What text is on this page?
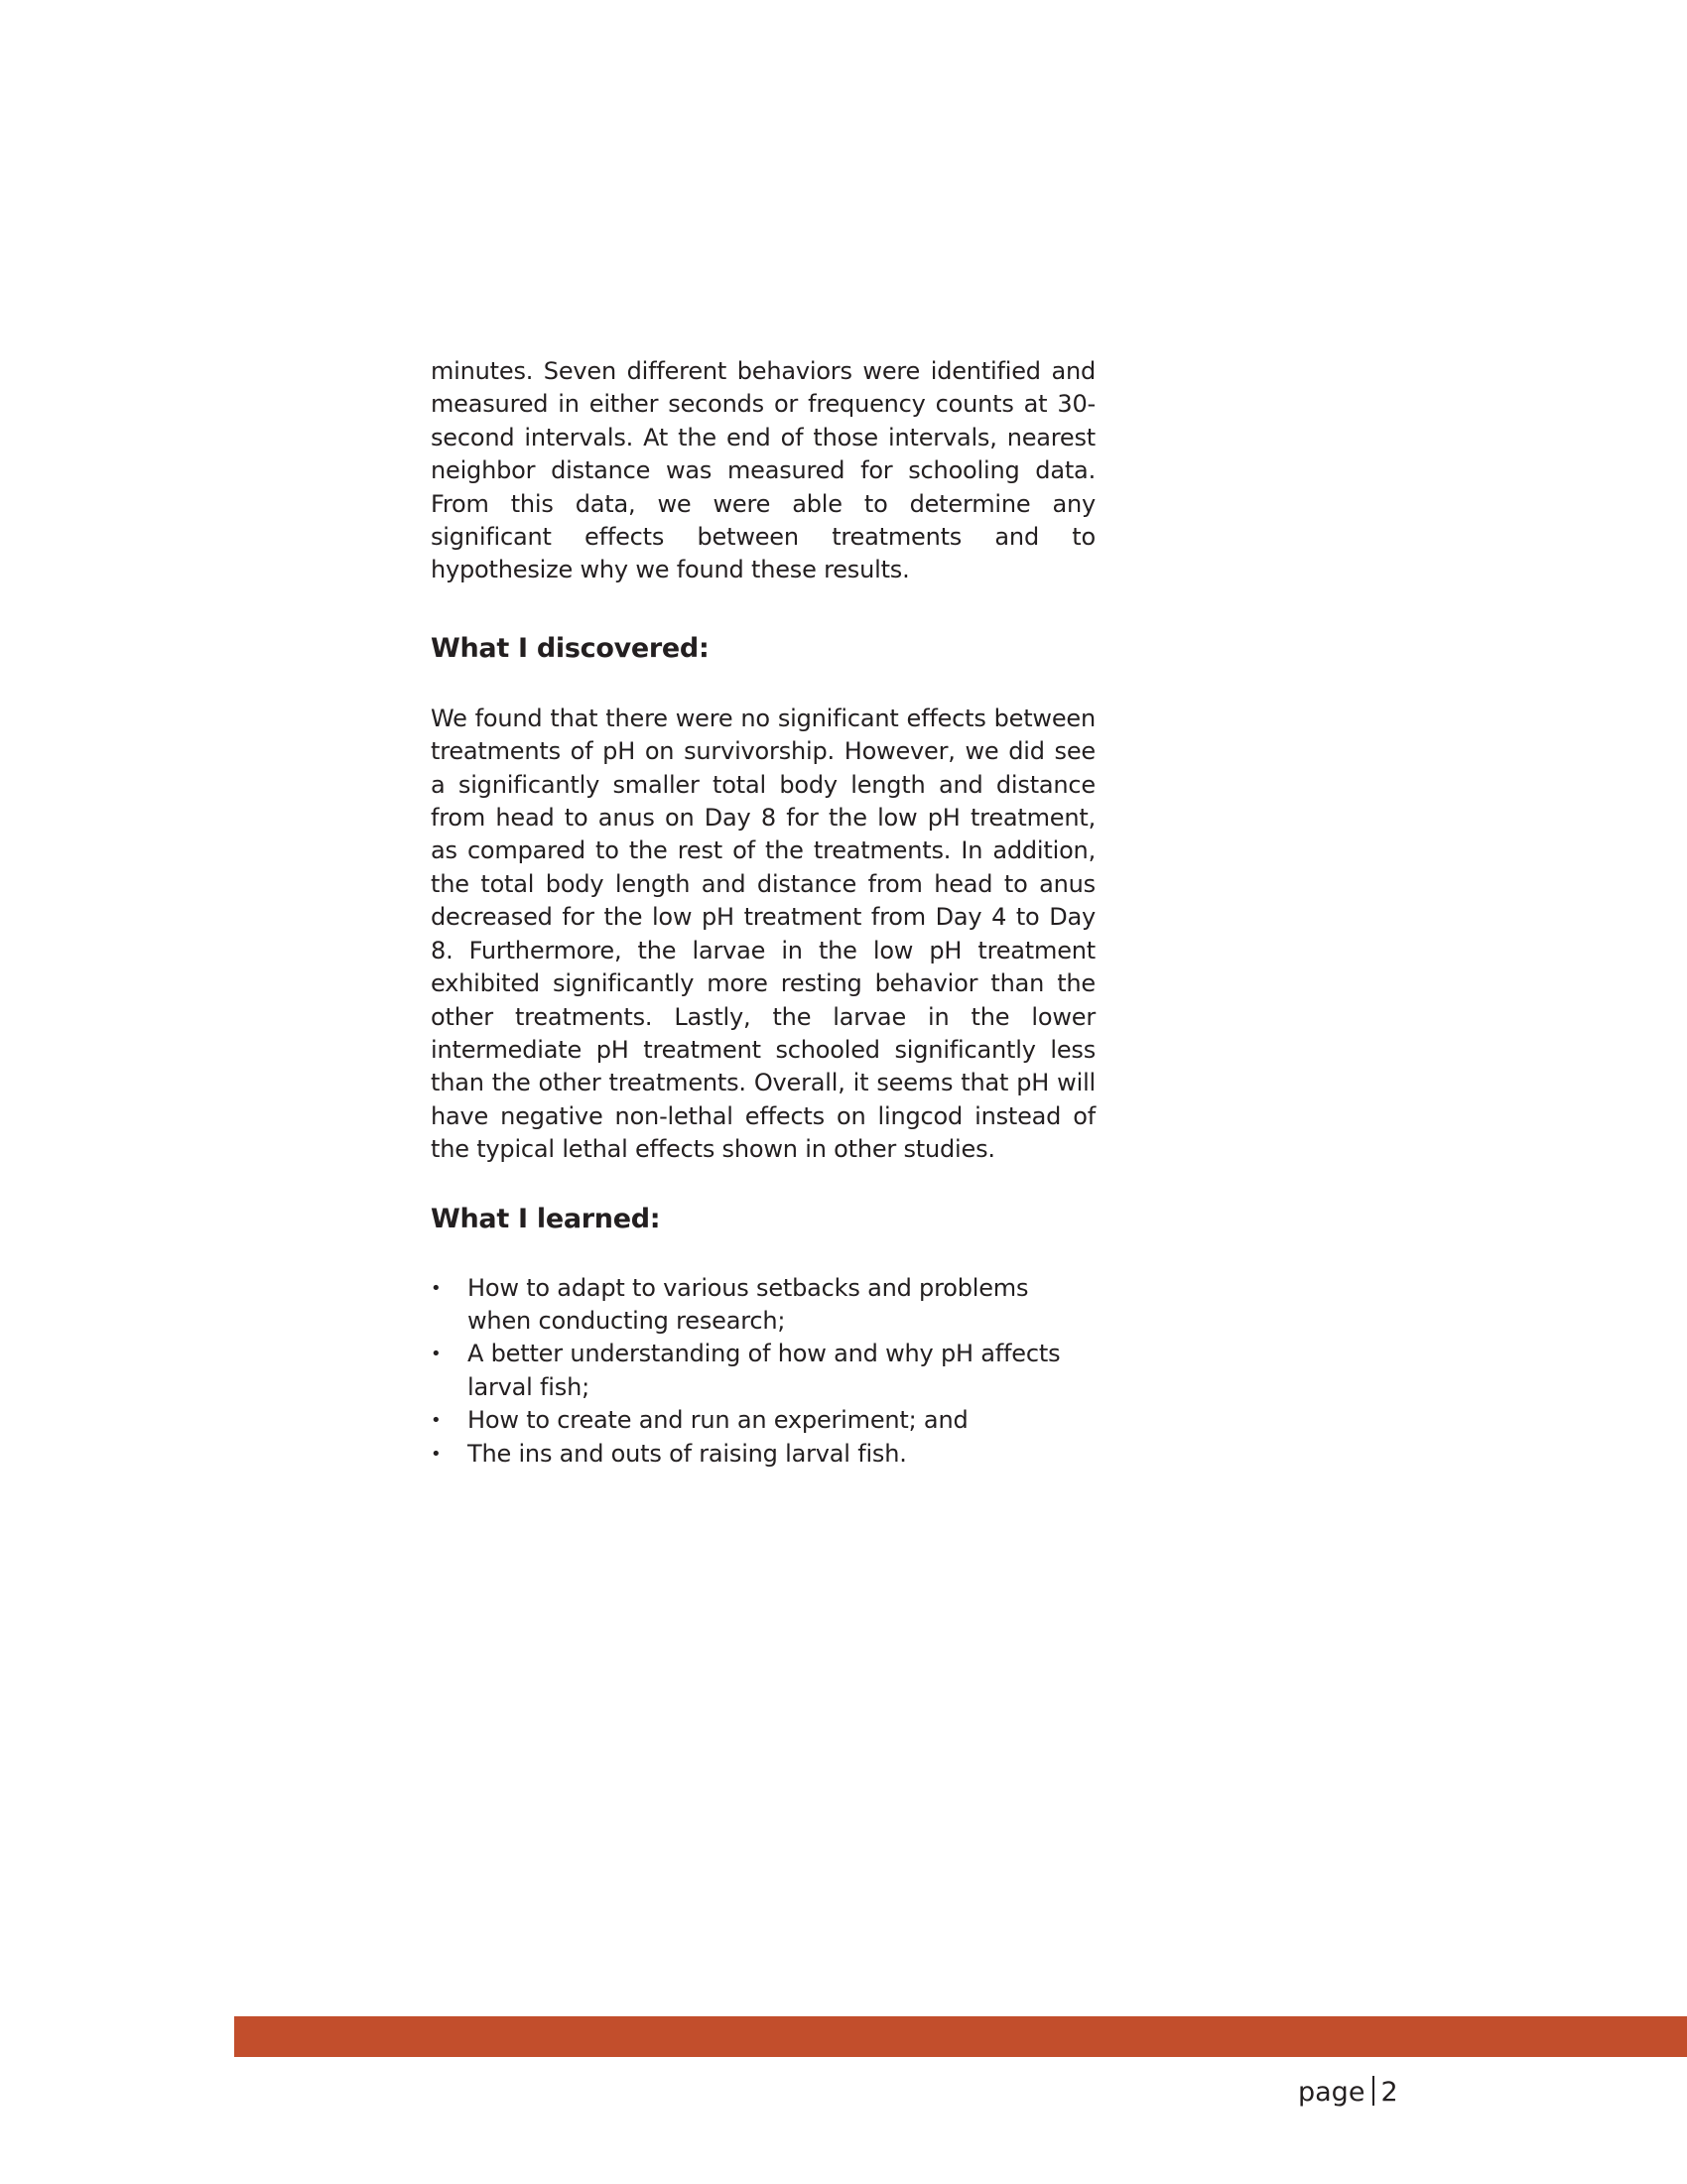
minutes. Seven different behaviors were identified and measured in either seconds or frequency counts at 30-second intervals. At the end of those intervals, nearest neighbor distance was measured for schooling data. From this data, we were able to determine any significant effects between treatments and to hypothesize why we found these results.

What I discovered:

We found that there were no significant effects between treatments of pH on survivorship. However, we did see a significantly smaller total body length and distance from head to anus on Day 8 for the low pH treatment, as compared to the rest of the treatments. In addition, the total body length and distance from head to anus decreased for the low pH treatment from Day 4 to Day 8. Furthermore, the larvae in the low pH treatment exhibited significantly more resting behavior than the other treatments. Lastly, the larvae in the lower intermediate pH treatment schooled significantly less than the other treatments. Overall, it seems that pH will have negative non-lethal effects on lingcod instead of the typical lethal effects shown in other studies.

What I learned:
• How to adapt to various setbacks and problems when conducting research;
• A better understanding of how and why pH affects larval fish;
• How to create and run an experiment; and
• The ins and outs of raising larval fish.
page 2
